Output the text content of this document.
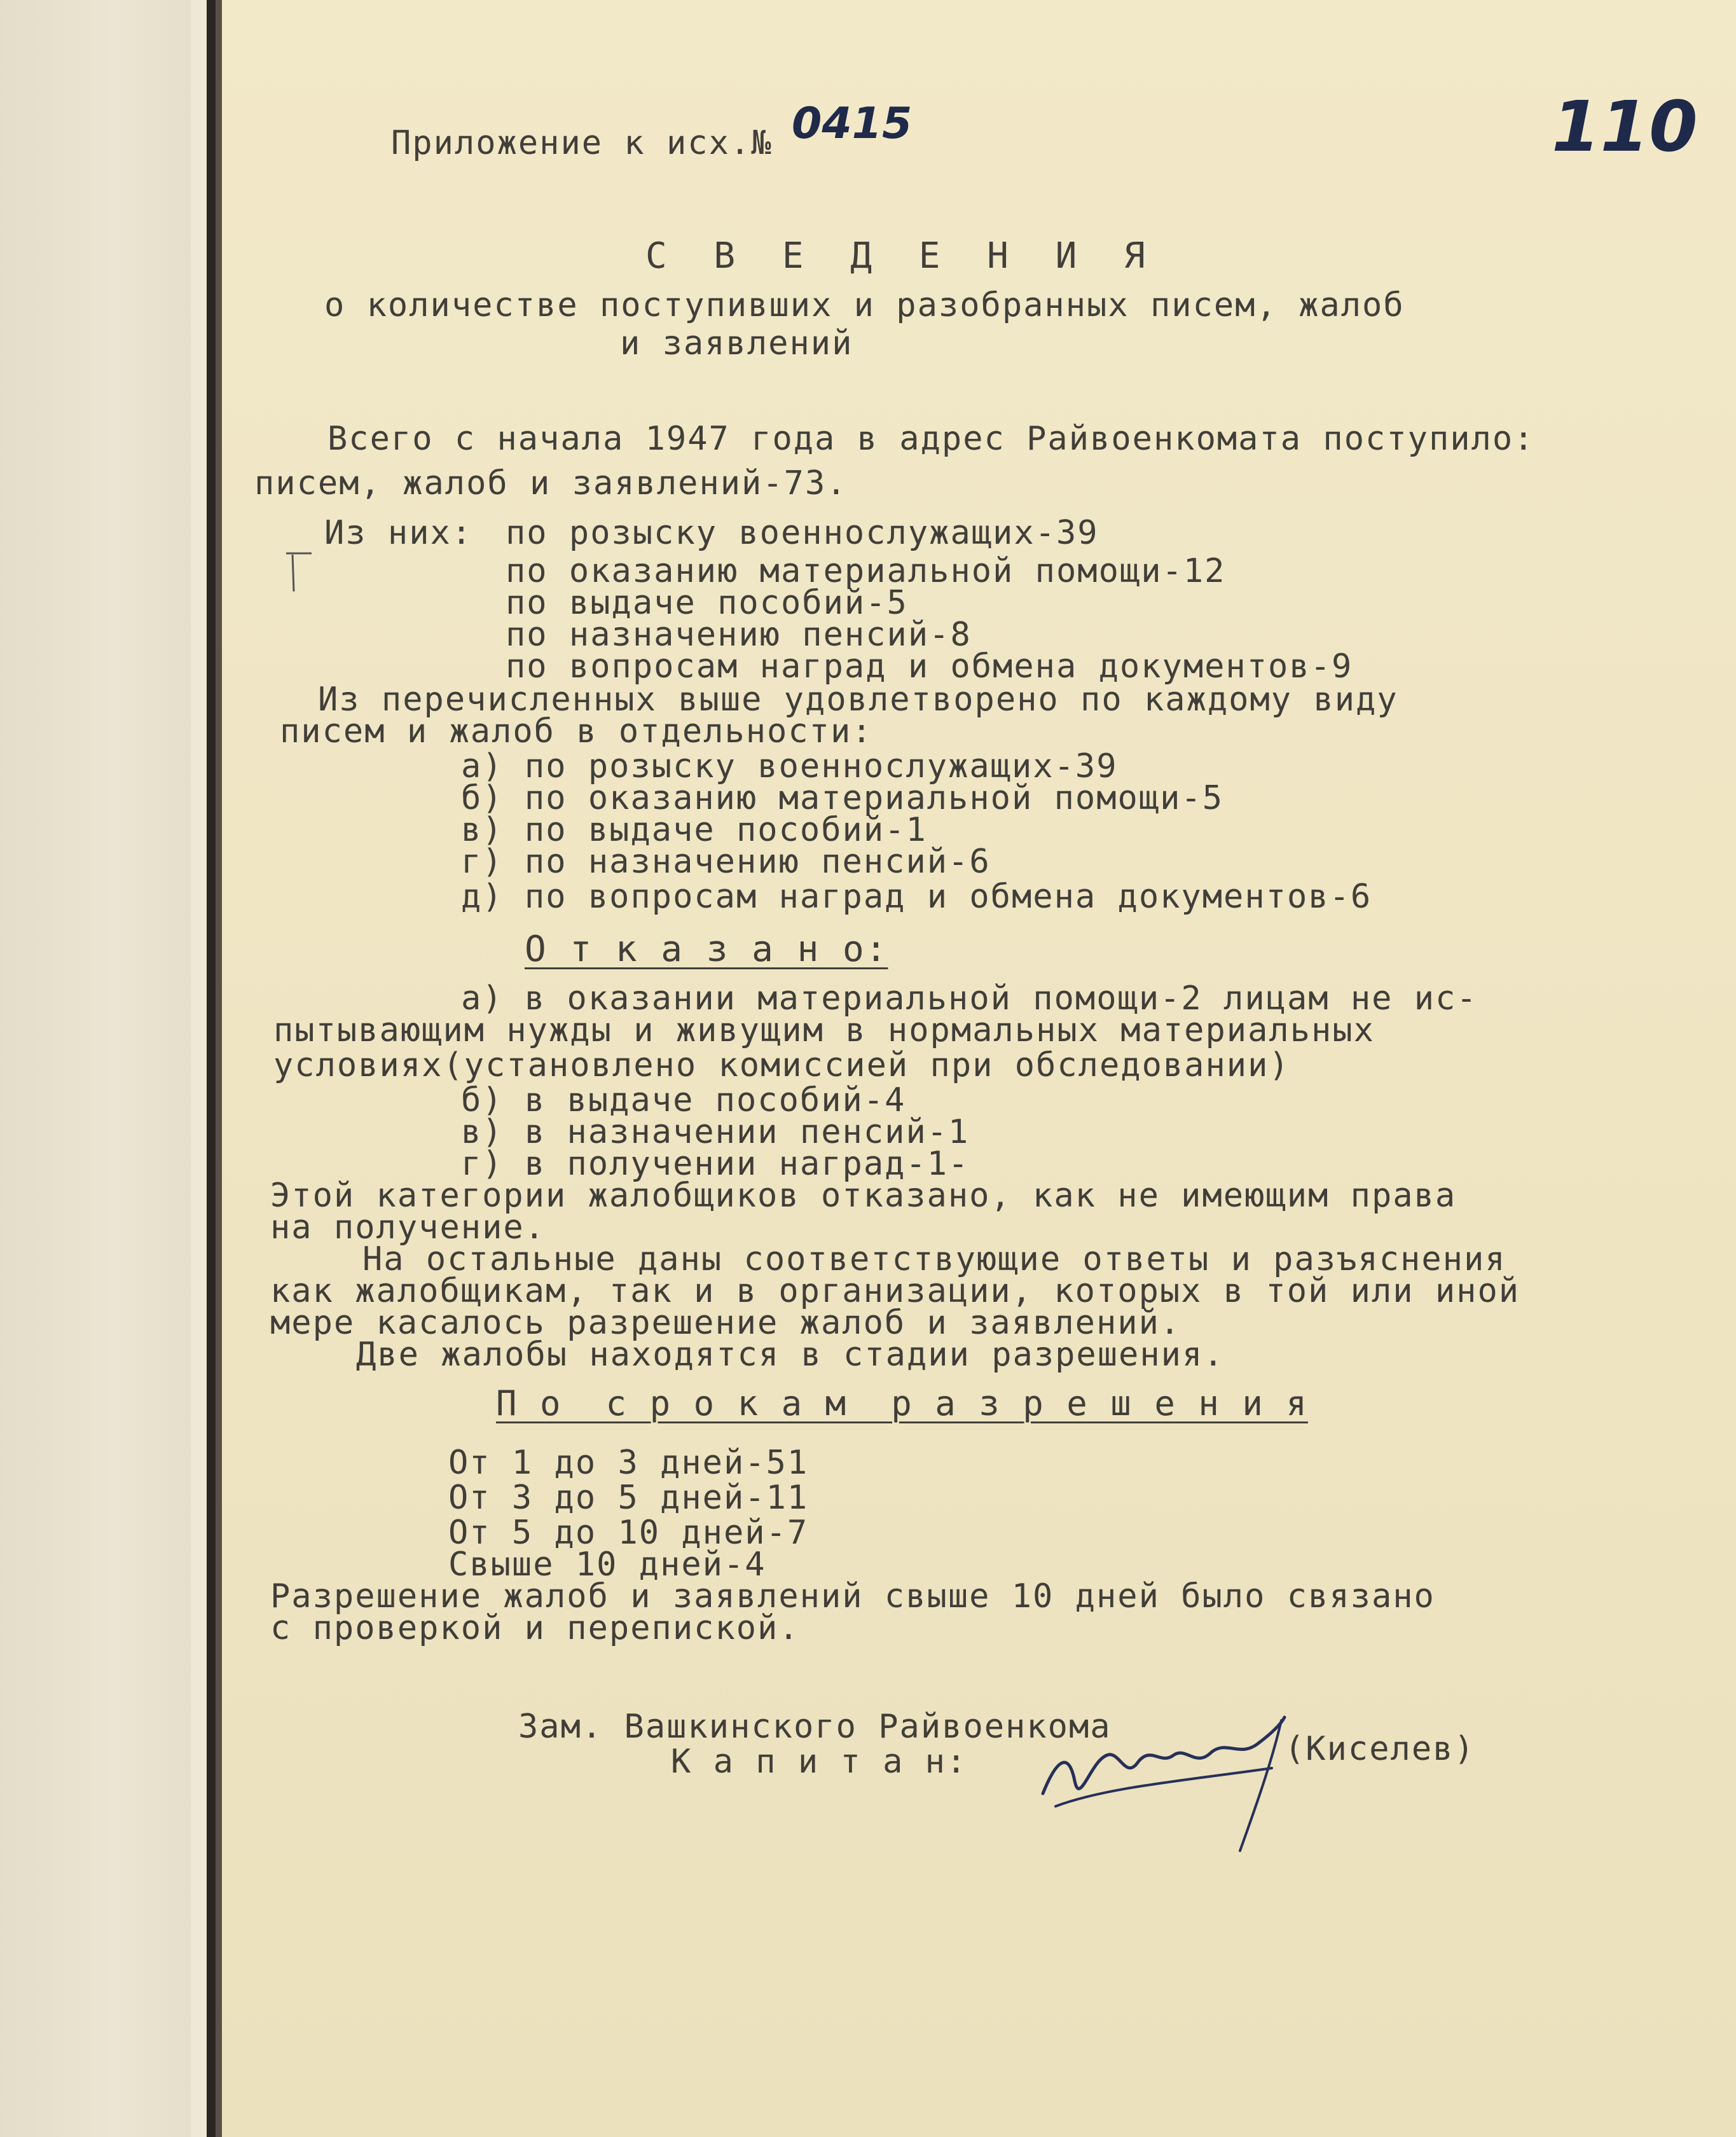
Приложение к исх.№

0415	110

С В Е Д Е Н И Я

о количестве поступивших и разобранных писем, жалоб

и заявлений

Всего с начала 1947 года в адрес Райвоенкомата поступило:

писем, жалоб и заявлений-73.

Из них: по розыску военнослужащих-39

по оказанию материальной помощи-12

по выдаче пособий-5

по назначению пенсий-8

по вопросам наград и обмена документов-9

Из перечисленных выше удовлетворено по каждому виду

писем и жалоб в отдельности:

а) по розыску военнослужащих-39

б) по оказанию материальной помощи-5

в) по выдаче пособий-1

г) по назначению пенсий-6

д) по вопросам наград и обмена документов-6

О т к а з а н о:

а) в оказании материальной помощи-2 лицам не ис-

пытывающим нужды и живущим в нормальных материальных

условиях(установлено комиссией при обследовании)

б) в выдаче пособий-4

в) в назначении пенсий-1

г) в получении наград-1-

Этой категории жалобщиков отказано, как не имеющим права

на получение.

На остальные даны соответствующие ответы и разъяснения

как жалобщикам, так и в организации, которых в той или иной

мере касалось разрешение жалоб и заявлений.

Две жалобы находятся в стадии разрешения.

П о  с р о к а м  р а з р е ш е н и я

От 1 до 3 дней-51

От 3 до 5 дней-11

От 5 до 10 дней-7

Свыше 10 дней-4

Разрешение жалоб и заявлений свыше 10 дней было связано

с проверкой и перепиской.

Зам. Вашкинского Райвоенкома

К а п и т а н:	(Киселев)
